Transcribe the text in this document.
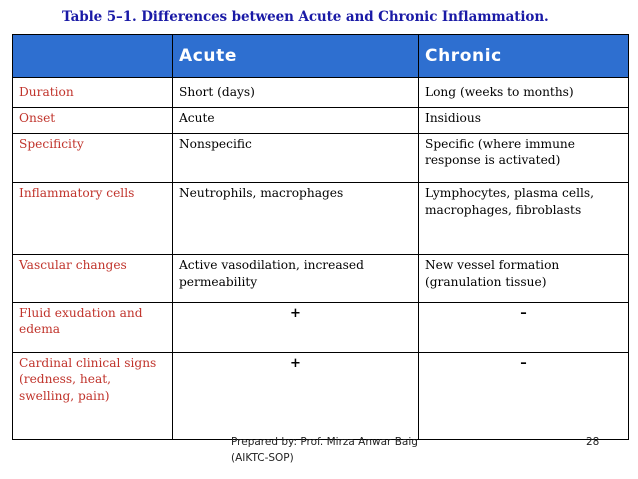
Table 5–1. Differences between Acute and Chronic Inflammation.
	Acute	Chronic
Duration	Short (days)	Long (weeks to months)
Onset	Acute	Insidious
Specificity	Nonspecific	Specific (where immune response is activated)
Inflammatory cells	Neutrophils, macrophages	Lymphocytes, plasma cells, macrophages, fibroblasts
Vascular changes	Active vasodilation, increased permeability	New vessel formation (granulation tissue)
Fluid exudation and edema	+	–
Cardinal clinical signs (redness, heat, swelling, pain)	+	–
Prepared by: Prof. Mirza Anwar Baig (AIKTC-SOP)
28
